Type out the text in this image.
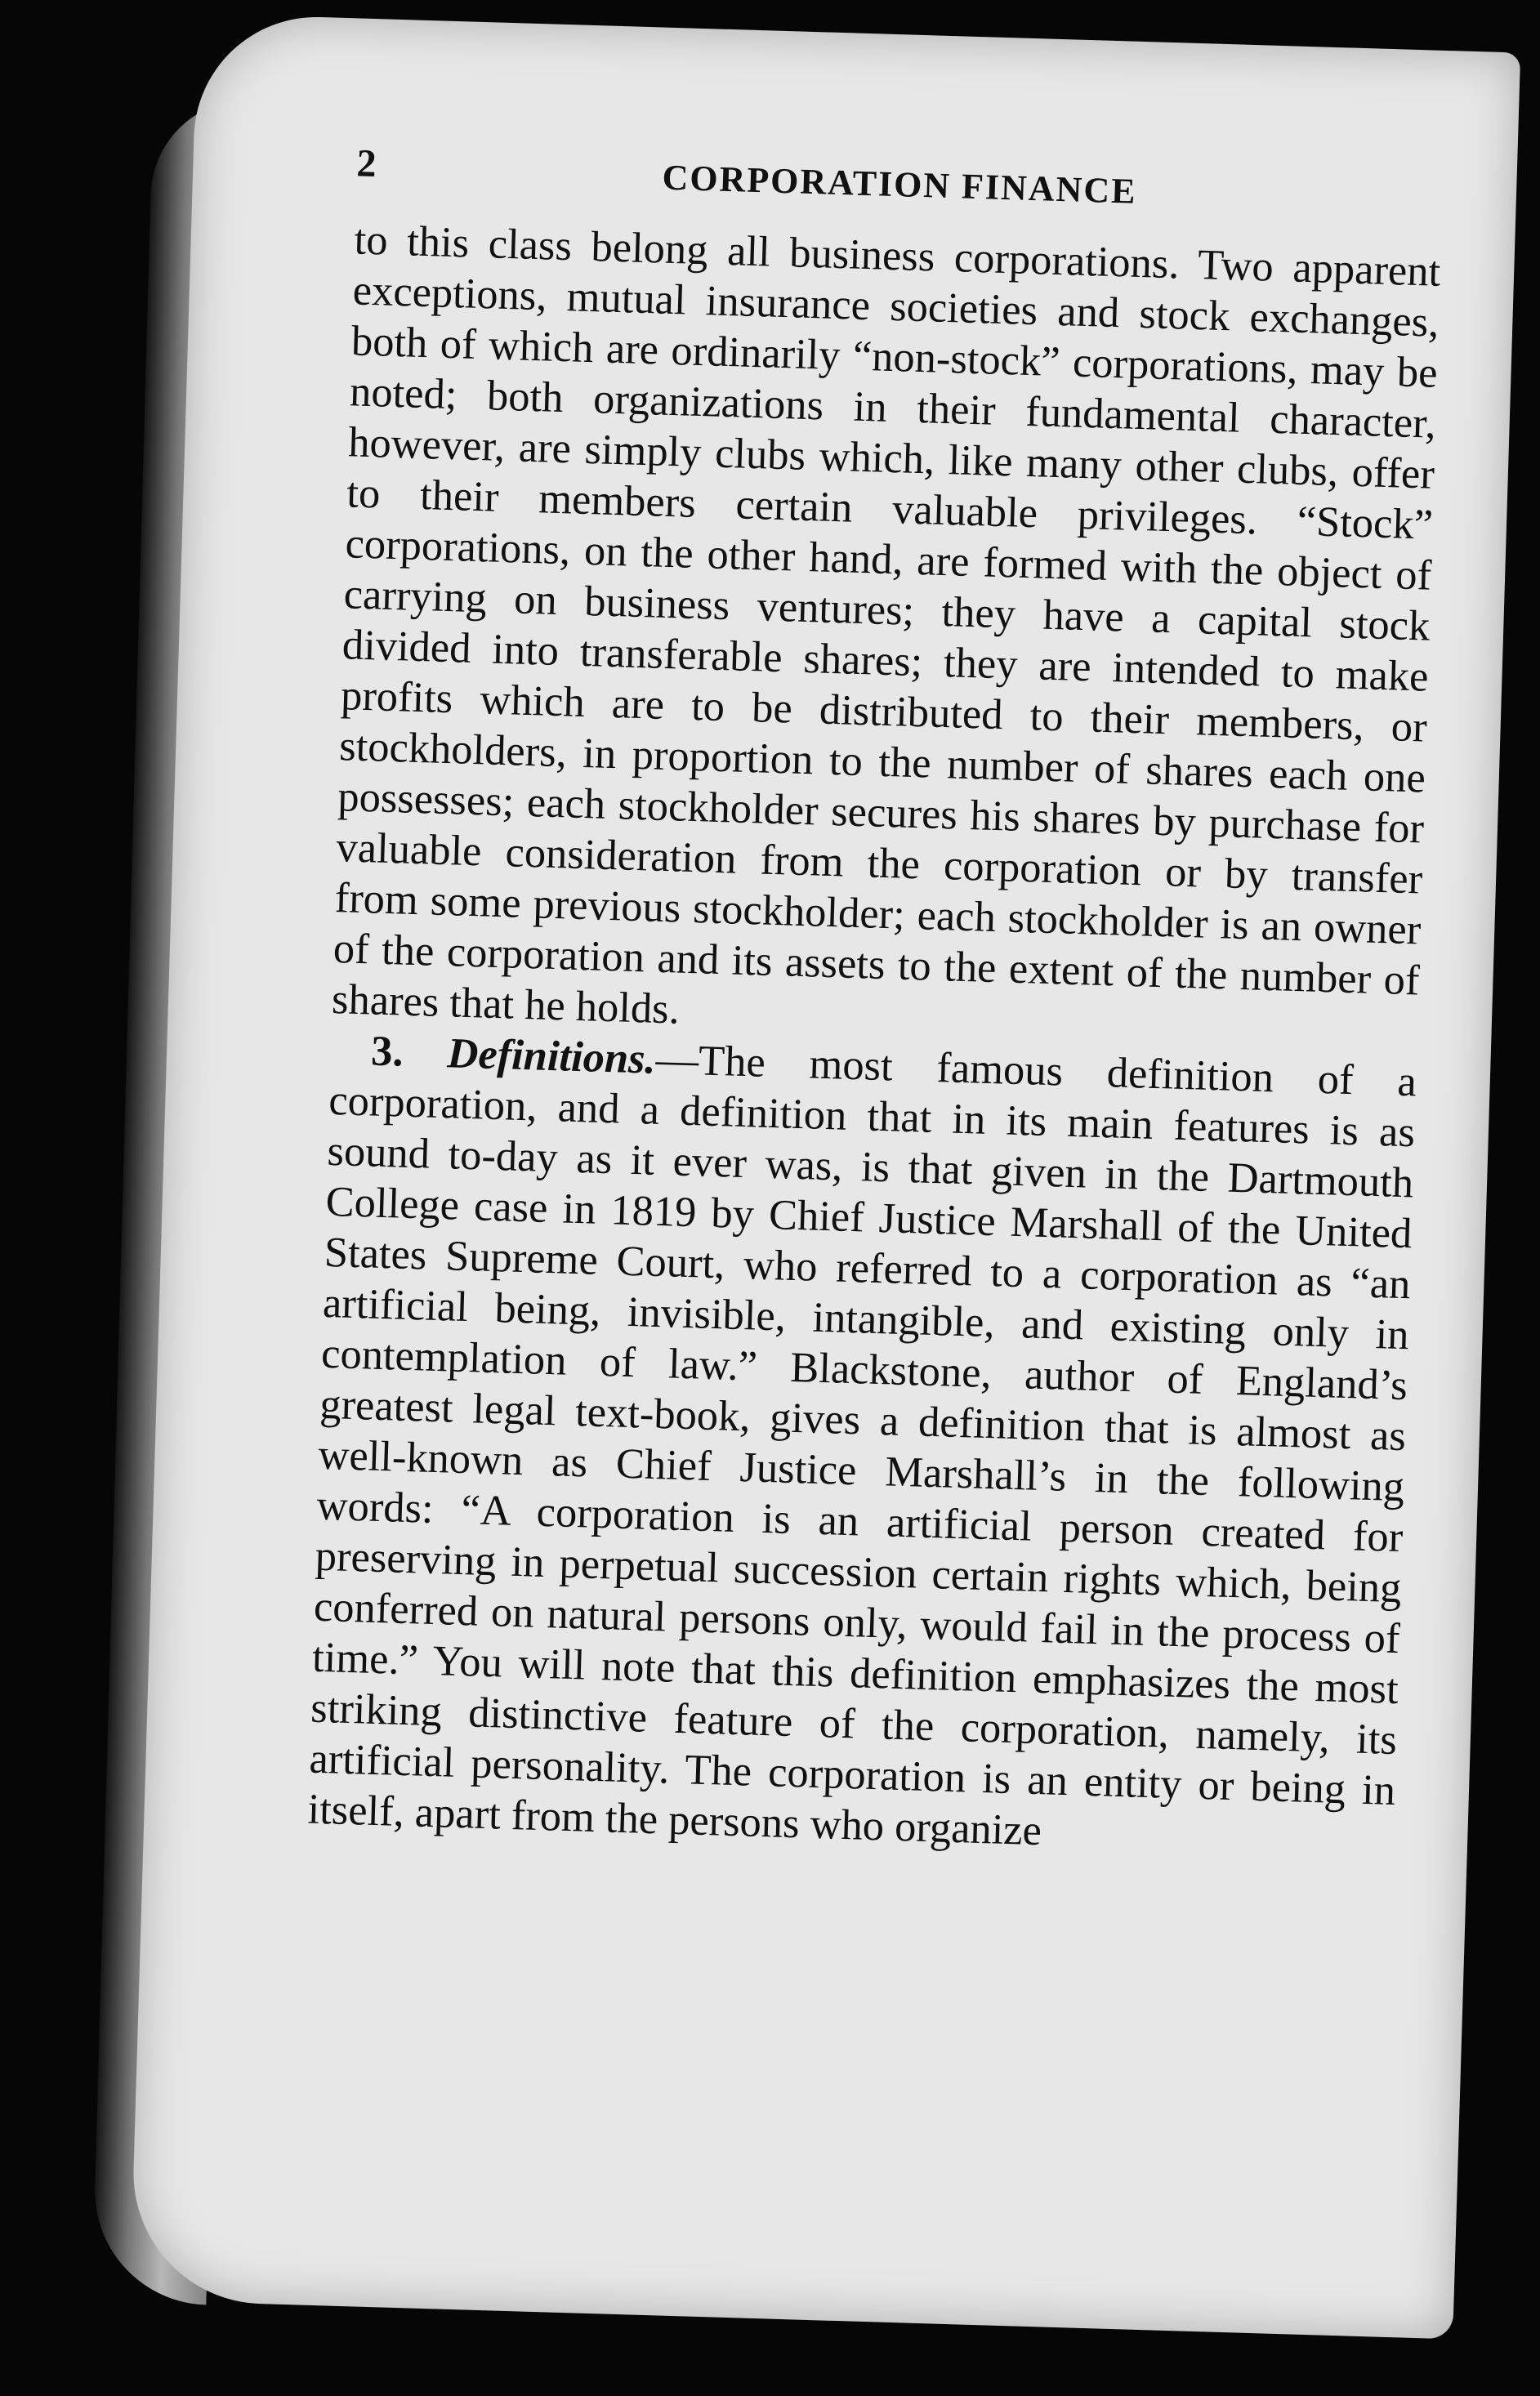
2	CORPORATION FINANCE

to this class belong all business corporations. Two apparent exceptions, mutual insurance societies and stock exchanges, both of which are ordinarily “non-stock” corporations, may be noted; both organizations in their fundamental character, however, are simply clubs which, like many other clubs, offer to their members certain valuable privileges. “Stock” corporations, on the other hand, are formed with the object of carrying on business ventures; they have a capital stock divided into transferable shares; they are intended to make profits which are to be distributed to their members, or stockholders, in proportion to the number of shares each one possesses; each stockholder secures his shares by purchase for valuable consideration from the corporation or by transfer from some previous stockholder; each stockholder is an owner of the corporation and its assets to the extent of the number of shares that he holds.

3. Definitions.—The most famous definition of a corporation, and a definition that in its main features is as sound to-day as it ever was, is that given in the Dartmouth College case in 1819 by Chief Justice Marshall of the United States Supreme Court, who referred to a corporation as “an artificial being, invisible, intangible, and existing only in contemplation of law.” Blackstone, author of England’s greatest legal text-book, gives a definition that is almost as well-known as Chief Justice Marshall’s in the following words: “A corporation is an artificial person created for preserving in perpetual succession certain rights which, being conferred on natural persons only, would fail in the process of time.” You will note that this definition emphasizes the most striking distinctive feature of the corporation, namely, its artificial personality. The corporation is an entity or being in itself, apart from the persons who organize
